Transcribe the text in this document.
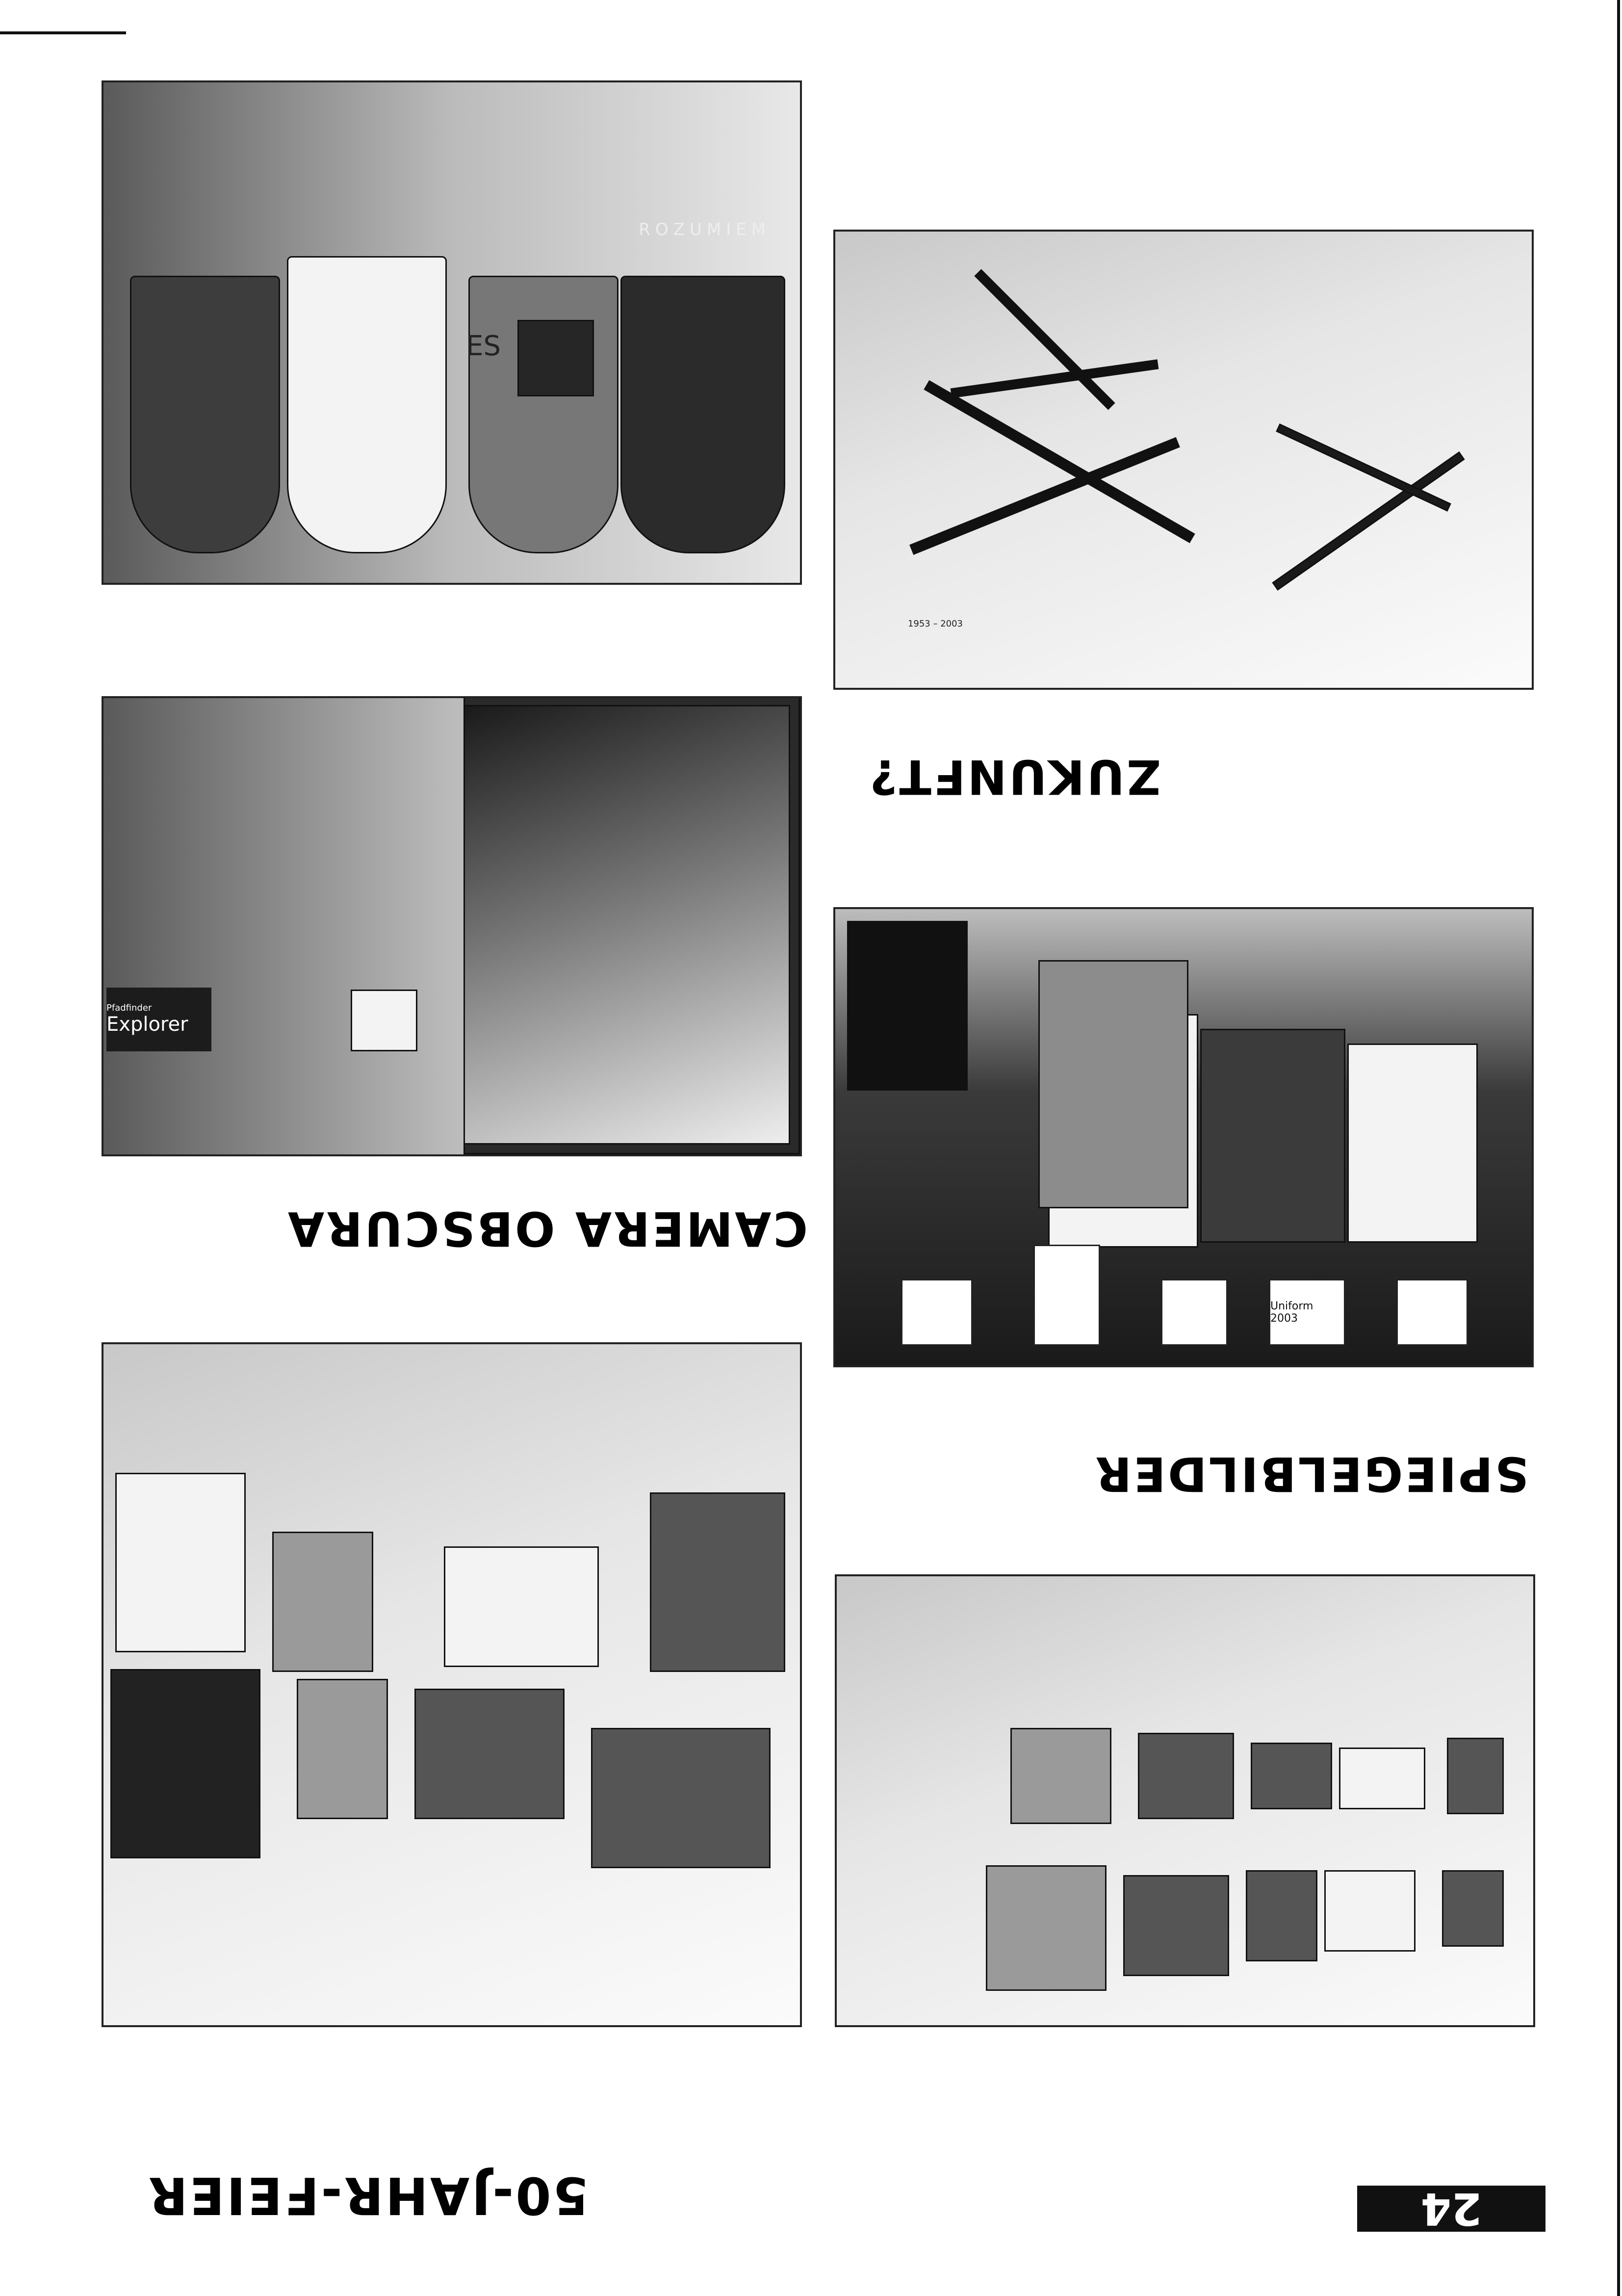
50-JAHR-FEIER	24
SPIEGELBILDER
CAMERA OBSCURA
Uniform 2003
Explorer
Pfadfinder
ZUKUNFT?
1953 – 2003
ROZUMIEM
ES
